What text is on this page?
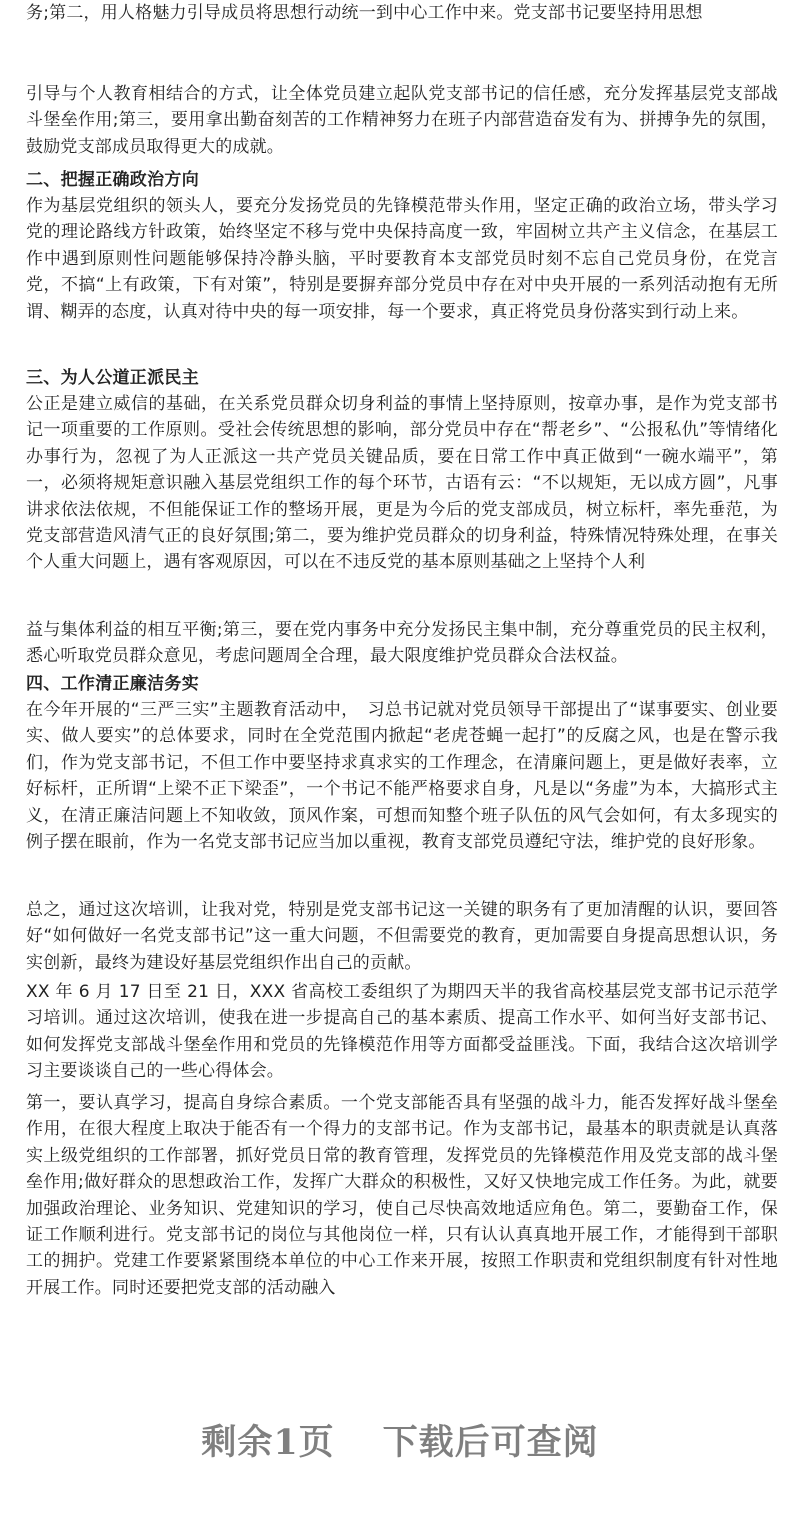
务;第二，用人格魅力引导成员将思想行动统一到中心工作中来。党支部书记要坚持用思想

引导与个人教育相结合的方式，让全体党员建立起队党支部书记的信任感，充分发挥基层党支部战斗堡垒作用;第三，要用拿出勤奋刻苦的工作精神努力在班子内部营造奋发有为、拼搏争先的氛围，鼓励党支部成员取得更大的成就。

二、把握正确政治方向

作为基层党组织的领头人，要充分发扬党员的先锋模范带头作用，坚定正确的政治立场，带头学习党的理论路线方针政策，始终坚定不移与党中央保持高度一致，牢固树立共产主义信念，在基层工作中遇到原则性问题能够保持冷静头脑，平时要教育本支部党员时刻不忘自己党员身份，在党言党，不搞“上有政策，下有对策”，特别是要摒弃部分党员中存在对中央开展的一系列活动抱有无所谓、糊弄的态度，认真对待中央的每一项安排，每一个要求，真正将党员身份落实到行动上来。

三、为人公道正派民主

公正是建立威信的基础，在关系党员群众切身利益的事情上坚持原则，按章办事，是作为党支部书记一项重要的工作原则。受社会传统思想的影响，部分党员中存在“帮老乡”、“公报私仇”等情绪化办事行为，忽视了为人正派这一共产党员关键品质，要在日常工作中真正做到“一碗水端平”，第一，必须将规矩意识融入基层党组织工作的每个环节，古语有云：“不以规矩，无以成方圆”，凡事讲求依法依规，不但能保证工作的整场开展，更是为今后的党支部成员，树立标杆，率先垂范，为党支部营造风清气正的良好氛围;第二，要为维护党员群众的切身利益，特殊情况特殊处理，在事关个人重大问题上，遇有客观原因，可以在不违反党的基本原则基础之上坚持个人利

益与集体利益的相互平衡;第三，要在党内事务中充分发扬民主集中制，充分尊重党员的民主权利，悉心听取党员群众意见，考虑问题周全合理，最大限度维护党员群众合法权益。

四、工作清正廉洁务实

在今年开展的“三严三实”主题教育活动中，　习总书记就对党员领导干部提出了“谋事要实、创业要实、做人要实”的总体要求，同时在全党范围内掀起“老虎苍蝇一起打”的反腐之风，也是在警示我们，作为党支部书记，不但工作中要坚持求真求实的工作理念，在清廉问题上，更是做好表率，立好标杆，正所谓“上梁不正下梁歪”，一个书记不能严格要求自身，凡是以“务虚”为本，大搞形式主义，在清正廉洁问题上不知收敛，顶风作案，可想而知整个班子队伍的风气会如何，有太多现实的例子摆在眼前，作为一名党支部书记应当加以重视，教育支部党员遵纪守法，维护党的良好形象。

总之，通过这次培训，让我对党，特别是党支部书记这一关键的职务有了更加清醒的认识，要回答好“如何做好一名党支部书记”这一重大问题，不但需要党的教育，更加需要自身提高思想认识，务实创新，最终为建设好基层党组织作出自己的贡献。

XX 年 6 月 17 日至 21 日，XXX 省高校工委组织了为期四天半的我省高校基层党支部书记示范学习培训。通过这次培训，使我在进一步提高自己的基本素质、提高工作水平、如何当好支部书记、如何发挥党支部战斗堡垒作用和党员的先锋模范作用等方面都受益匪浅。下面，我结合这次培训学习主要谈谈自己的一些心得体会。

第一，要认真学习，提高自身综合素质。一个党支部能否具有坚强的战斗力，能否发挥好战斗堡垒作用，在很大程度上取决于能否有一个得力的支部书记。作为支部书记，最基本的职责就是认真落实上级党组织的工作部署，抓好党员日常的教育管理，发挥党员的先锋模范作用及党支部的战斗堡垒作用;做好群众的思想政治工作，发挥广大群众的积极性，又好又快地完成工作任务。为此，就要加强政治理论、业务知识、党建知识的学习，使自己尽快高效地适应角色。第二，要勤奋工作，保证工作顺利进行。党支部书记的岗位与其他岗位一样，只有认认真真地开展工作，才能得到干部职工的拥护。党建工作要紧紧围绕本单位的中心工作来开展，按照工作职责和党组织制度有针对性地开展工作。同时还要把党支部的活动融入

剩余1页 下载后可查阅
